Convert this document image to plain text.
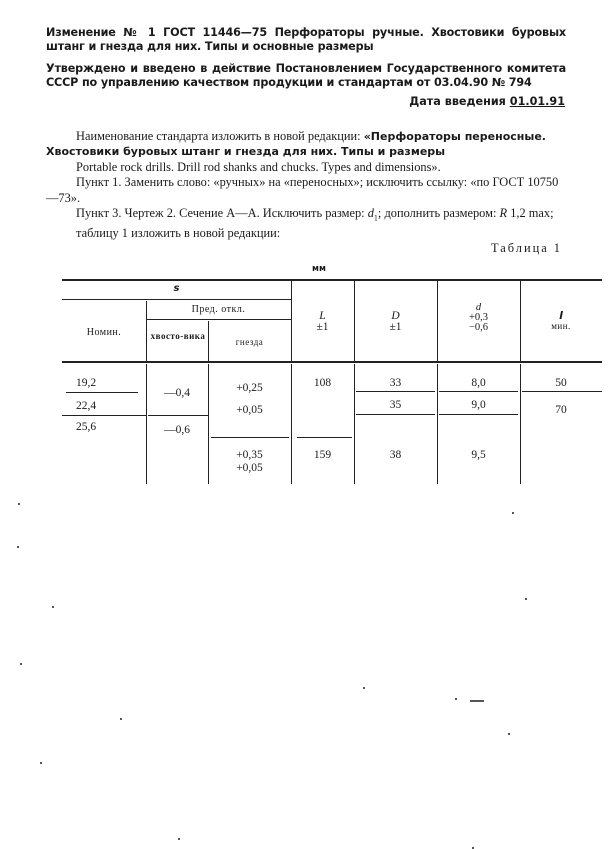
Изменение № 1 ГОСТ 11446—75 Перфораторы ручные. Хвостовики буровых штанг и гнезда для них. Типы и основные размеры
Утверждено и введено в действие Постановлением Государственного комитета СССР по управлению качеством продукции и стандартам от 03.04.90 № 794
Дата введения 01.01.91

Наименование стандарта изложить в новой редакции: «Перфораторы переносные. Хвостовики буровых штанг и гнезда для них. Типы и размеры

Portable rock drills. Drill rod shanks and chucks. Types and dimensions».

Пункт 1. Заменить слово: «ручных» на «переносных»; исключить ссылку: «по ГОСТ 10750—73».

Пункт 3. Чертеж 2. Сечение А—А. Исключить размер: $d_1$; дополнить размером: R 1,2 max;

таблицу 1 изложить в новой редакции:

Таблица 1
мм
s
Номин.
Пред. откл.
хвосто-вика
гнезда
L
±1
D
±1
d
+0,3
−0,6
l
мин.
19,2
22,4
25,6
—0,4
—0,6
+0,25
+0,05
+0,35
+0,05
108
159
33
35
38
8,0
9,0
9,5
50
70
